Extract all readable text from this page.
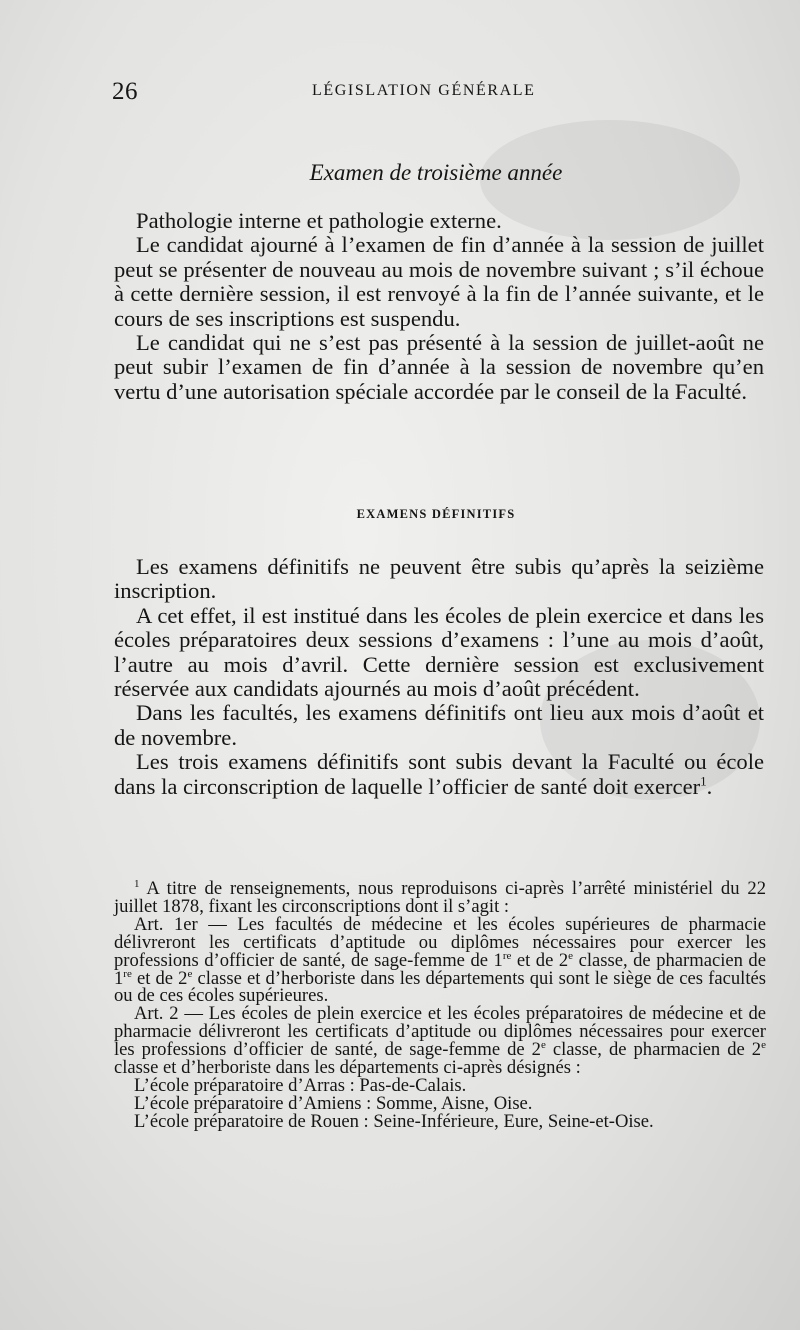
26	LÉGISLATION GÉNÉRALE
Examen de troisième année

Pathologie interne et pathologie externe.

Le candidat ajourné à l’examen de fin d’année à la session de juillet peut se présenter de nouveau au mois de novembre suivant ; s’il échoue à cette dernière session, il est renvoyé à la fin de l’année suivante, et le cours de ses inscriptions est suspendu.

Le candidat qui ne s’est pas présenté à la session de juillet-août ne peut subir l’examen de fin d’année à la session de novembre qu’en vertu d’une autorisation spéciale accordée par le conseil de la Faculté.

EXAMENS DÉFINITIFS

Les examens définitifs ne peuvent être subis qu’après la seizième inscription.

A cet effet, il est institué dans les écoles de plein exercice et dans les écoles préparatoires deux sessions d’examens : l’une au mois d’août, l’autre au mois d’avril. Cette dernière session est exclusivement réservée aux candidats ajournés au mois d’août précédent.

Dans les facultés, les examens définitifs ont lieu aux mois d’août et de novembre.

Les trois examens définitifs sont subis devant la Faculté ou école dans la circonscription de laquelle l’officier de santé doit exercer$^1$.

$^1$ A titre de renseignements, nous reproduisons ci-après l’arrêté ministériel du 22 juillet 1878, fixant les circonscriptions dont il s’agit :

Art. 1er — Les facultés de médecine et les écoles supérieures de pharmacie délivreront les certificats d’aptitude ou diplômes nécessaires pour exercer les professions d’officier de santé, de sage-femme de 1re et de 2e classe, de pharmacien de 1re et de 2e classe et d’herboriste dans les départements qui sont le siège de ces facultés ou de ces écoles supérieures.

Art. 2 — Les écoles de plein exercice et les écoles préparatoires de médecine et de pharmacie délivreront les certificats d’aptitude ou diplômes nécessaires pour exercer les professions d’officier de santé, de sage-femme de 2e classe, de pharmacien de 2e classe et d’herboriste dans les départements ci-après désignés :

L’école préparatoire d’Arras : Pas-de-Calais.

L’école préparatoire d’Amiens : Somme, Aisne, Oise.

L’école préparatoire de Rouen : Seine-Inférieure, Eure, Seine-et-Oise.
